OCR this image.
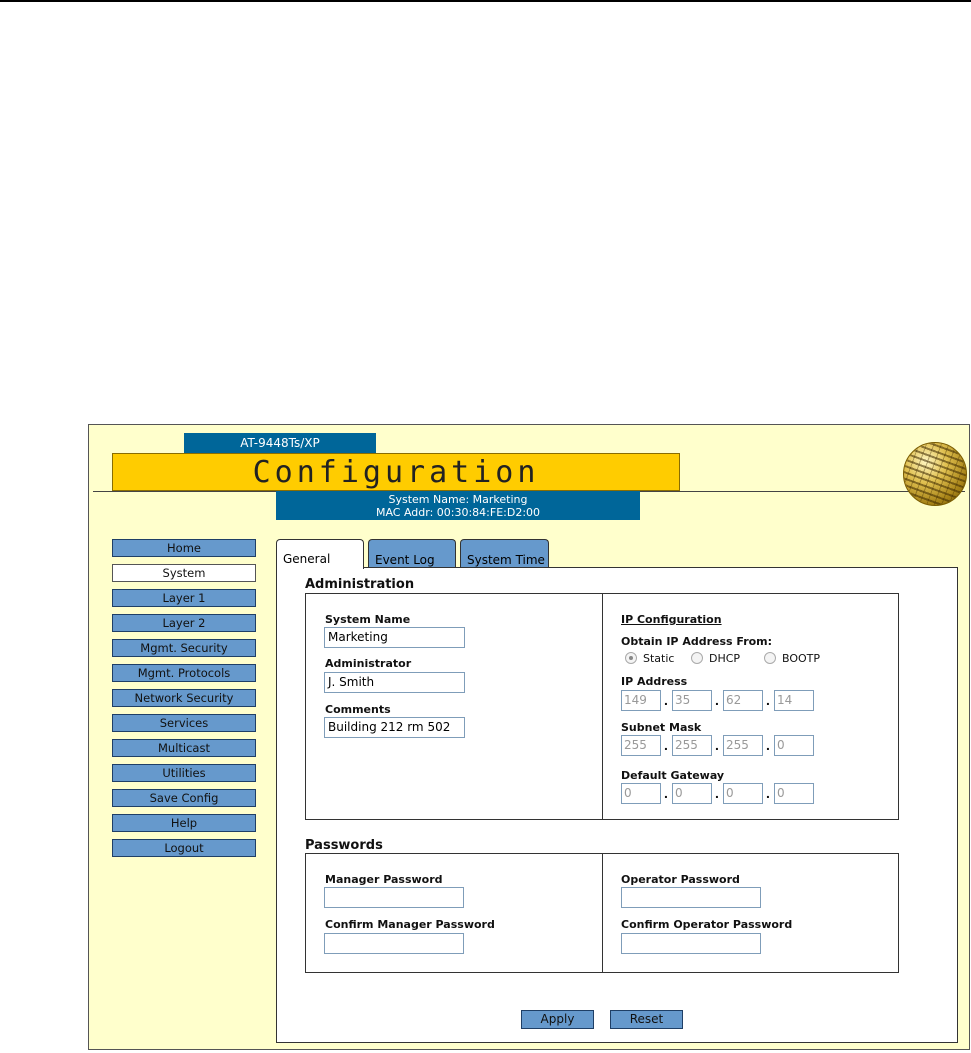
AT-9448Ts/XP
Configuration
System Name: Marketing
MAC Addr: 00:30:84:FE:D2:00
Home
System
Layer 1
Layer 2
Mgmt. Security
Mgmt. Protocols
Network Security
Services
Multicast
Utilities
Save Config
Help
Logout
General	Event Log	System Time
Administration
System Name
Marketing
Administrator
J. Smith
Comments
Building 212 rm 502
IP Configuration
Obtain IP Address From:
Static	DHCP	BOOTP
IP Address
149	. 35	. 62	. 14
Subnet Mask
255	. 255	. 255	. 0
Default Gateway
0	. 0	. 0	. 0
Passwords
Manager Password
Confirm Manager Password
Operator Password
Confirm Operator Password
Apply	Reset
